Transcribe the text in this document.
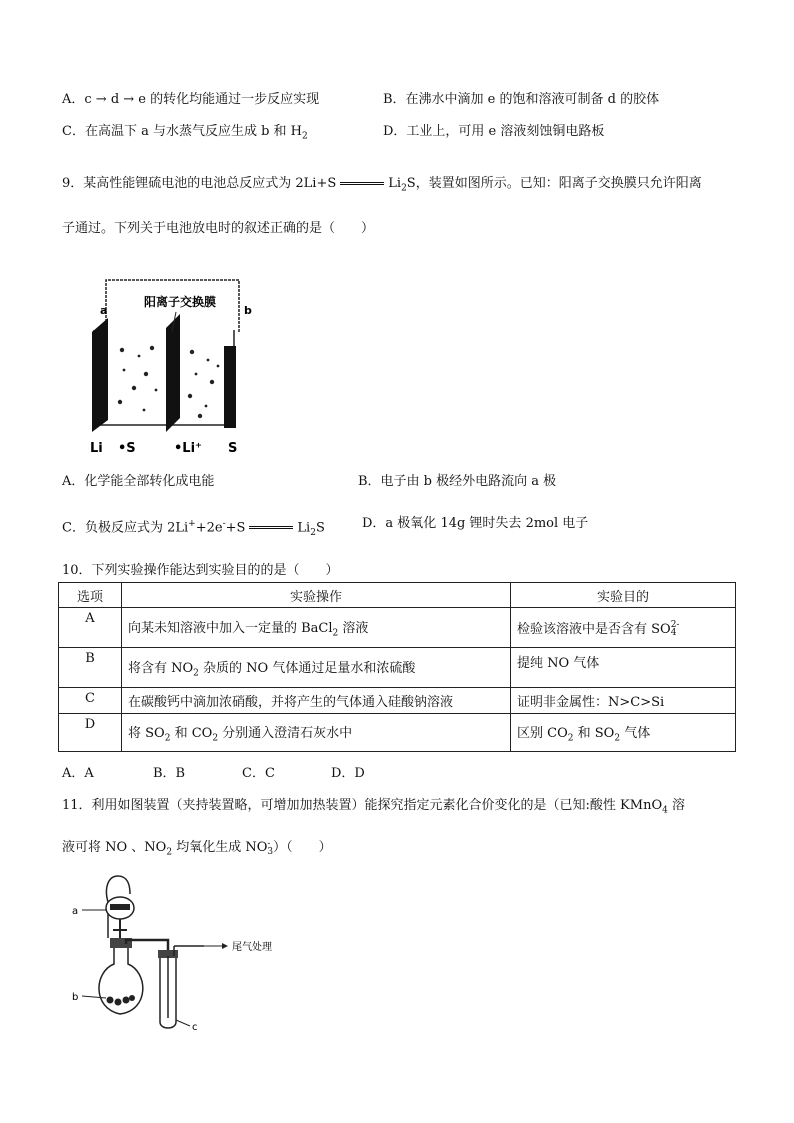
A．c → d → e 的转化均能通过一步反应实现	B．在沸水中滴加 e 的饱和溶液可制备 d 的胶体
C．在高温下 a 与水蒸气反应生成 b 和 $H_2$	D．工业上，可用 e 溶液刻蚀铜电路板
9．某高性能锂硫电池的电池总反应式为 2Li+S	$Li_2S$，装置如图所示。已知：阳离子交换膜只允许阳离
子通过。下列关于电池放电时的叙述正确的是（　　）
a	b
阳离子交换膜
Li •S	•Li⁺ S
A．化学能全部转化成电能	B．电子由 b 极经外电路流向 a 极
C．负极反应式为 2Li++2e-+S	$Li_2S$	D．a 极氧化 14g 锂时失去 2mol 电子
10．下列实验操作能达到实验目的的是（　　）
选项	实验操作	实验目的
A	向某未知溶液中加入一定量的 BaCl$_2$ 溶液	检验该溶液中是否含有 SO 2-
4

B	将含有 $NO_2$ 杂质的 NO 气体通过足量水和浓硫酸	提纯 NO 气体
C	在碳酸钙中滴加浓硝酸，并将产生的气体通入硅酸钠溶液	证明非金属性：N>C>Si
D	将 $SO_2$ 和 $CO_2$ 分别通入澄清石灰水中	区别 $CO_2$ 和 $SO_2$ 气体
A．A	B．B	C．C	D．D
11．利用如图装置（夹持装置略，可增加加热装置）能探究指定元素化合价变化的是（已知:酸性 KMnO$_4$ 溶
液可将 NO 、$NO_2$ 均氧化生成 NO -
3 ）（　　）
a
b
c
尾气处理
